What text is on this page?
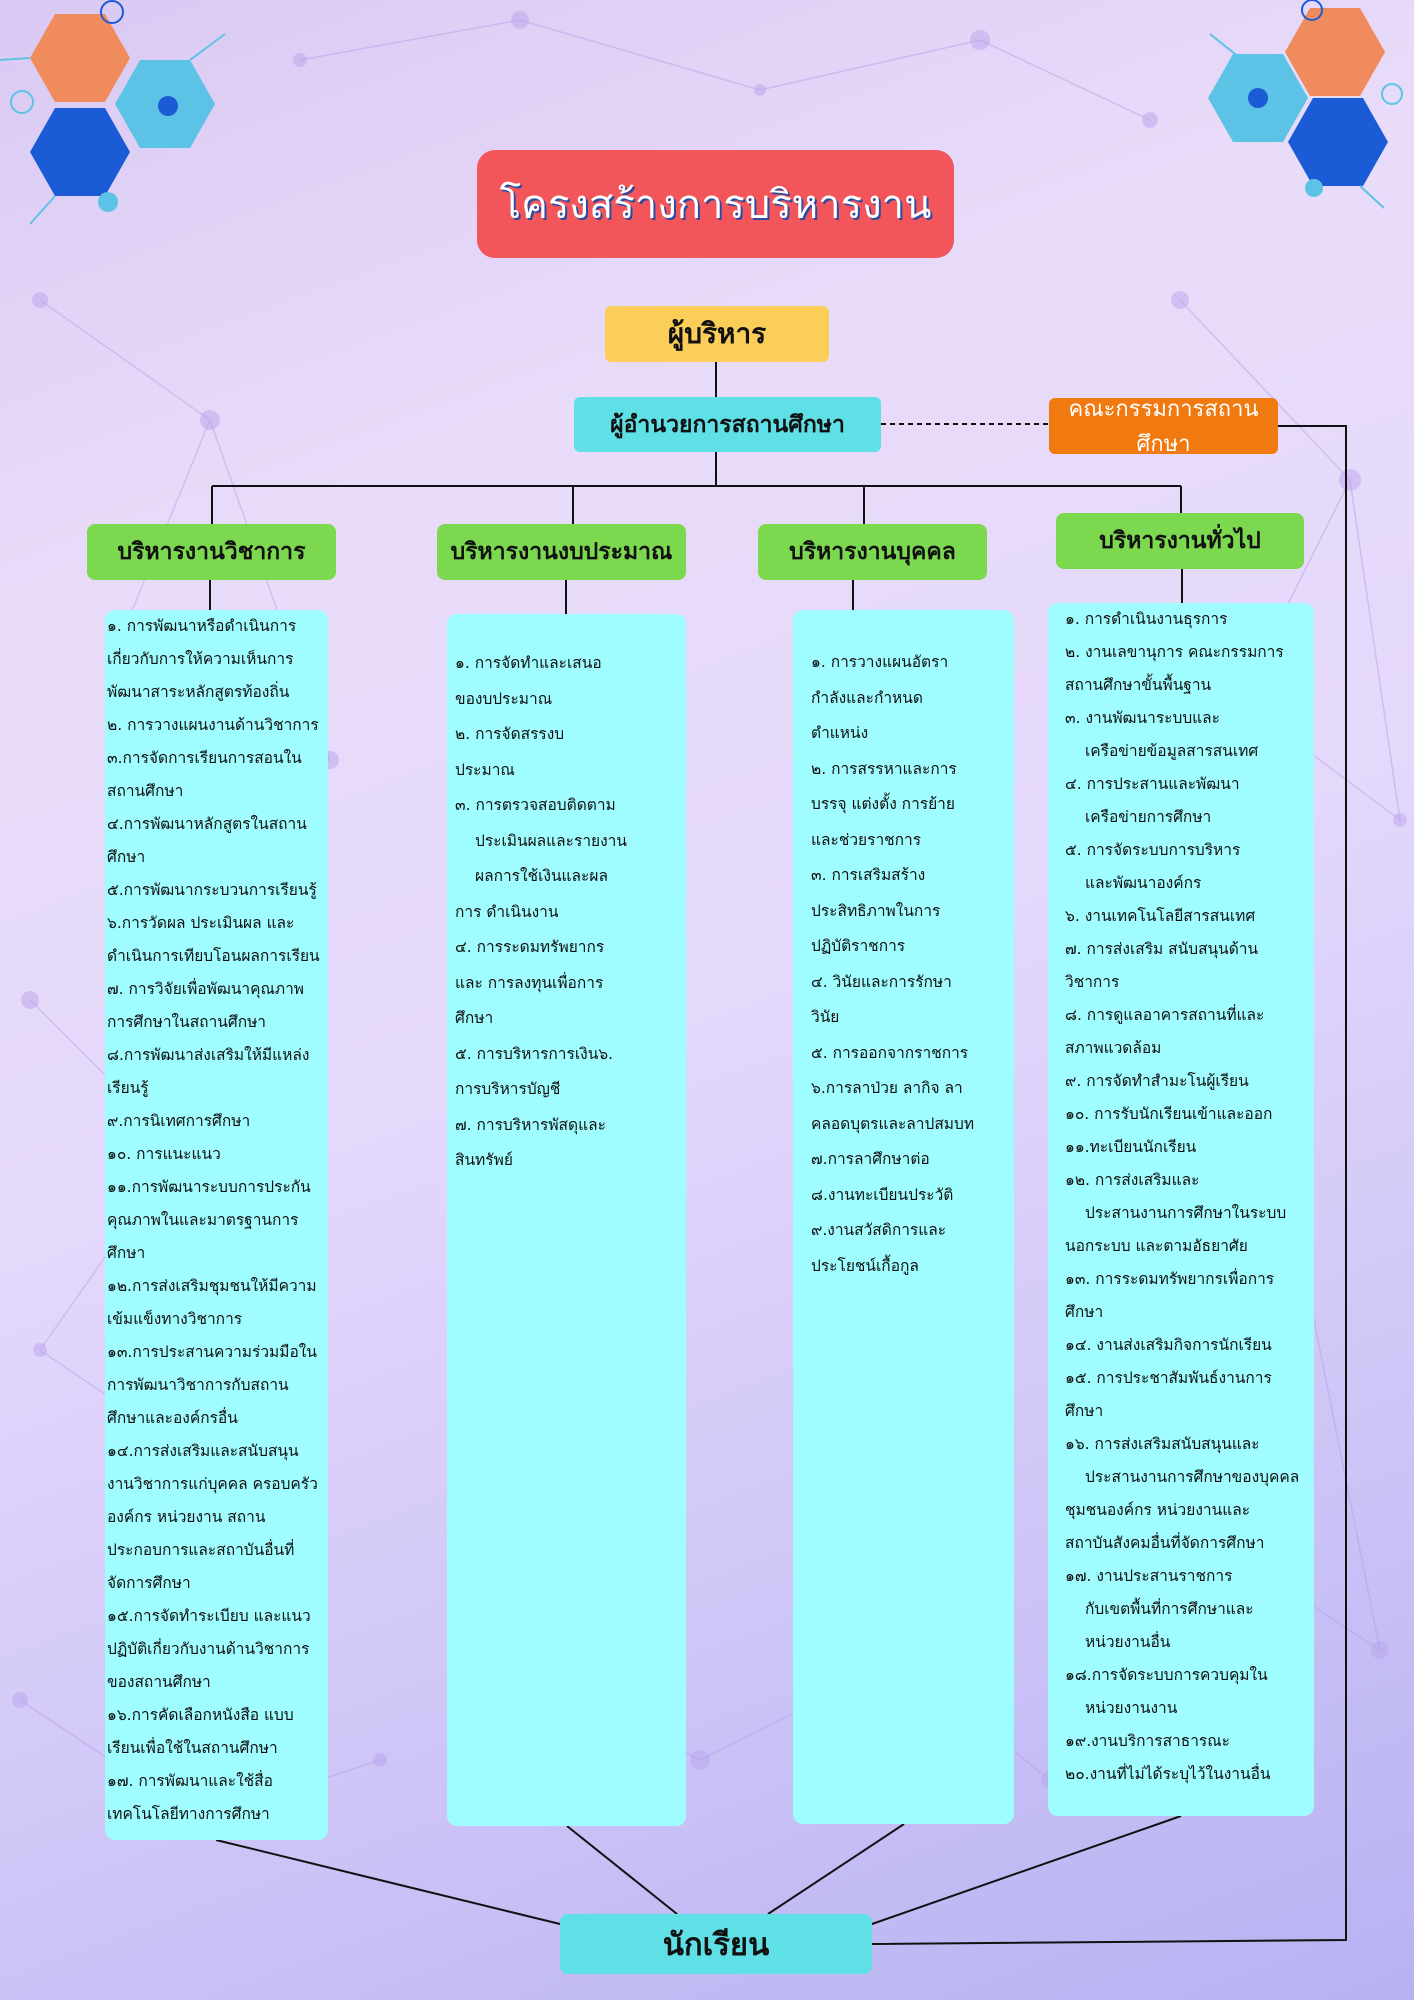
โครงสร้างการบริหารงาน
ผู้บริหาร
ผู้อำนวยการสถานศึกษา
คณะกรรมการสถานศึกษา
บริหารงานวิชาการ	บริหารงานงบประมาณ	บริหารงานบุคคล	บริหารงานทั่วไป
๑. การพัฒนาหรือดำเนินการ
เกี่ยวกับการให้ความเห็นการ
พัฒนาสาระหลักสูตรท้องถิ่น
๒. การวางแผนงานด้านวิชาการ
๓.การจัดการเรียนการสอนใน
สถานศึกษา
๔.การพัฒนาหลักสูตรในสถาน
ศึกษา
๕.การพัฒนากระบวนการเรียนรู้
๖.การวัดผล ประเมินผล และ
ดำเนินการเทียบโอนผลการเรียน
๗. การวิจัยเพื่อพัฒนาคุณภาพ
การศึกษาในสถานศึกษา
๘.การพัฒนาส่งเสริมให้มีแหล่ง
เรียนรู้
๙.การนิเทศการศึกษา
๑๐. การแนะแนว
๑๑.การพัฒนาระบบการประกัน
คุณภาพในและมาตรฐานการ
ศึกษา
๑๒.การส่งเสริมชุมชนให้มีความ
เข้มแข็งทางวิชาการ
๑๓.การประสานความร่วมมือใน
การพัฒนาวิชาการกับสถาน
ศึกษาและองค์กรอื่น
๑๔.การส่งเสริมและสนับสนุน
งานวิชาการแก่บุคคล ครอบครัว
องค์กร หน่วยงาน สถาน
ประกอบการและสถาบันอื่นที่
จัดการศึกษา
๑๕.การจัดทำระเบียบ และแนว
ปฏิบัติเกี่ยวกับงานด้านวิชาการ
ของสถานศึกษา
๑๖.การคัดเลือกหนังสือ แบบ
เรียนเพื่อใช้ในสถานศึกษา
๑๗. การพัฒนาและใช้สื่อ
เทคโนโลยีทางการศึกษา
๑. การจัดทำและเสนอ
ของบประมาณ
๒. การจัดสรรงบ
ประมาณ
๓. การตรวจสอบติดตาม
ประเมินผลและรายงาน
ผลการใช้เงินและผล
การ ดำเนินงาน
๔. การระดมทรัพยากร
และ การลงทุนเพื่อการ
ศึกษา
๕. การบริหารการเงิน๖.
การบริหารบัญชี
๗. การบริหารพัสดุและ
สินทรัพย์
๑. การวางแผนอัตรา
กำลังและกำหนด
ตำแหน่ง
๒. การสรรหาและการ
บรรจุ แต่งตั้ง การย้าย
และช่วยราชการ
๓. การเสริมสร้าง
ประสิทธิภาพในการ
ปฏิบัติราชการ
๔. วินัยและการรักษา
วินัย
๕. การออกจากราชการ
๖.การลาป่วย ลากิจ ลา
คลอดบุตรและลาปสมบท
๗.การลาศึกษาต่อ
๘.งานทะเบียนประวัติ
๙.งานสวัสดิการและ
ประโยชน์เกื้อกูล
๑. การดำเนินงานธุรการ
๒. งานเลขานุการ คณะกรรมการ
สถานศึกษาขั้นพื้นฐาน
๓. งานพัฒนาระบบและ
เครือข่ายข้อมูลสารสนเทศ
๔. การประสานและพัฒนา
เครือข่ายการศึกษา
๕. การจัดระบบการบริหาร
และพัฒนาองค์กร
๖. งานเทคโนโลยีสารสนเทศ
๗. การส่งเสริม สนับสนุนด้าน
วิชาการ
๘. การดูแลอาคารสถานที่และ
สภาพแวดล้อม
๙. การจัดทำสำมะโนผู้เรียน
๑๐. การรับนักเรียนเข้าและออก
๑๑.ทะเบียนนักเรียน
๑๒. การส่งเสริมและ
ประสานงานการศึกษาในระบบ
นอกระบบ และตามอัธยาศัย
๑๓. การระดมทรัพยากรเพื่อการ
ศึกษา
๑๔. งานส่งเสริมกิจการนักเรียน
๑๕. การประชาสัมพันธ์งานการ
ศึกษา
๑๖. การส่งเสริมสนับสนุนและ
ประสานงานการศึกษาของบุคคล
ชุมชนองค์กร หน่วยงานและ
สถาบันสังคมอื่นที่จัดการศึกษา
๑๗. งานประสานราชการ
กับเขตพื้นที่การศึกษาและ
หน่วยงานอื่น
๑๘.การจัดระบบการควบคุมใน
หน่วยงานงาน
๑๙.งานบริการสาธารณะ
๒๐.งานที่ไม่ได้ระบุไว้ในงานอื่น
นักเรียน
